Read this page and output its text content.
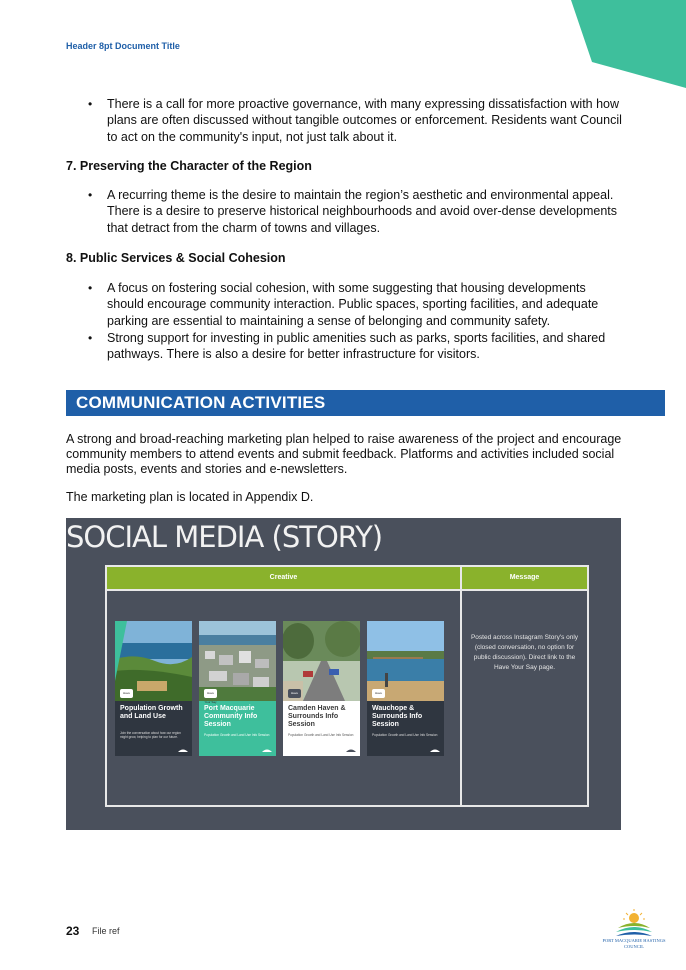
Header 8pt Document Title
• There is a call for more proactive governance, with many expressing dissatisfaction with how plans are often discussed without tangible outcomes or enforcement. Residents want Council to act on the community's input, not just talk about it.
7. Preserving the Character of the Region
• A recurring theme is the desire to maintain the region’s aesthetic and environmental appeal. There is a desire to preserve historical neighbourhoods and avoid over-dense developments that detract from the charm of towns and villages.
8. Public Services & Social Cohesion
• A focus on fostering social cohesion, with some suggesting that housing developments should encourage community interaction. Public spaces, sporting facilities, and adequate parking are essential to maintaining a sense of belonging and community safety.
• Strong support for investing in public amenities such as parks, sports facilities, and shared pathways. There is also a desire for better infrastructure for visitors.
COMMUNICATION ACTIVITIES

A strong and broad-reaching marketing plan helped to raise awareness of the project and encourage community members to attend events and submit feedback. Platforms and activities included social media posts, events and stories and e-newsletters.

The marketing plan is located in Appendix D.

SOCIAL MEDIA (STORY)
Creative	Message
Posted across Instagram Story's only (closed conversation, no option for public discussion). Direct link to the Have Your Say page.
Have Your Say
Population Growth and Land Use
Join the conversation about how our region might grow, helping to plan for our future.
Have Your Say
Port Macquarie Community Info Session
Population Growth and Land Use Info Session
Have Your Say
Camden Haven & Surrounds Info Session
Population Growth and Land Use Info Session
Have Your Say
Wauchope & Surrounds Info Session
Population Growth and Land Use Info Session
23 File ref
PORT MACQUARIE HASTINGS COUNCIL
